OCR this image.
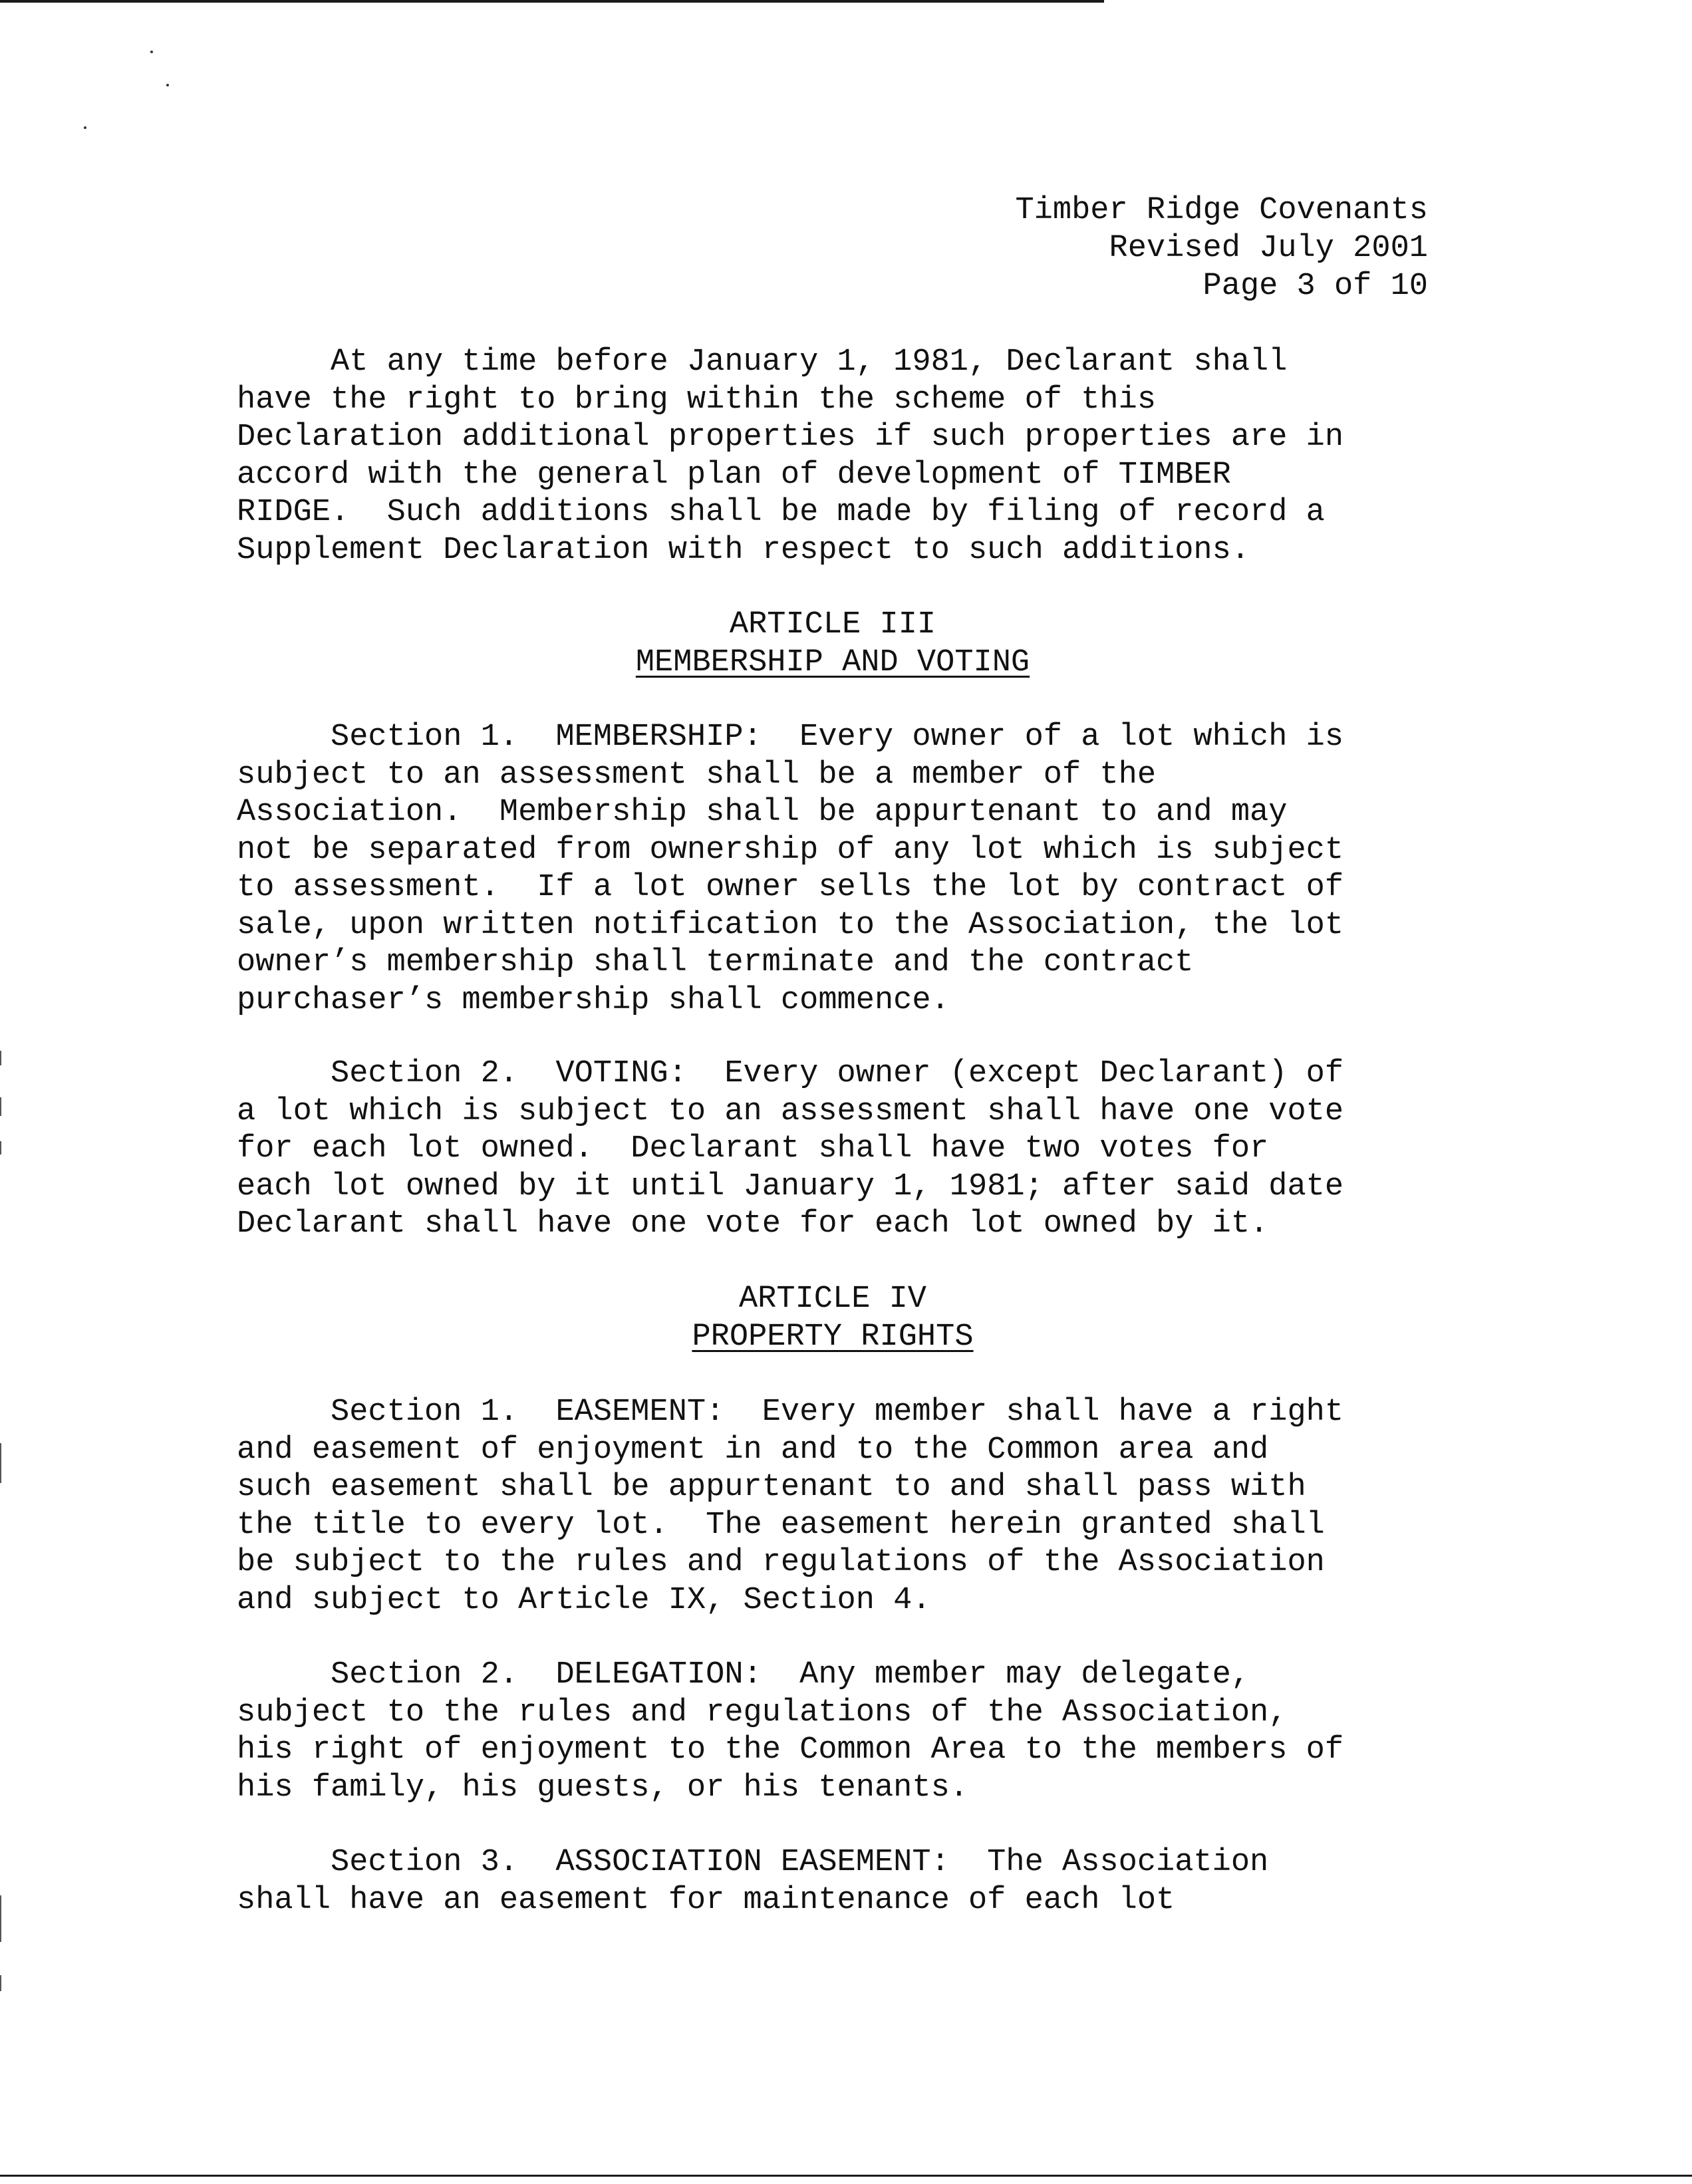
Timber Ridge Covenants
Revised July 2001
Page 3 of 10
At any time before January 1, 1981, Declarant shall
have the right to bring within the scheme of this
Declaration additional properties if such properties are in
accord with the general plan of development of TIMBER
RIDGE.  Such additions shall be made by filing of record a
Supplement Declaration with respect to such additions.
ARTICLE III
MEMBERSHIP AND VOTING
Section 1.  MEMBERSHIP:  Every owner of a lot which is
subject to an assessment shall be a member of the
Association.  Membership shall be appurtenant to and may
not be separated from ownership of any lot which is subject
to assessment.  If a lot owner sells the lot by contract of
sale, upon written notification to the Association, the lot
owner’s membership shall terminate and the contract
purchaser’s membership shall commence.
Section 2.  VOTING:  Every owner (except Declarant) of
a lot which is subject to an assessment shall have one vote
for each lot owned.  Declarant shall have two votes for
each lot owned by it until January 1, 1981; after said date
Declarant shall have one vote for each lot owned by it.
ARTICLE IV
PROPERTY RIGHTS
Section 1.  EASEMENT:  Every member shall have a right
and easement of enjoyment in and to the Common area and
such easement shall be appurtenant to and shall pass with
the title to every lot.  The easement herein granted shall
be subject to the rules and regulations of the Association
and subject to Article IX, Section 4.
Section 2.  DELEGATION:  Any member may delegate,
subject to the rules and regulations of the Association,
his right of enjoyment to the Common Area to the members of
his family, his guests, or his tenants.
Section 3.  ASSOCIATION EASEMENT:  The Association
shall have an easement for maintenance of each lot
